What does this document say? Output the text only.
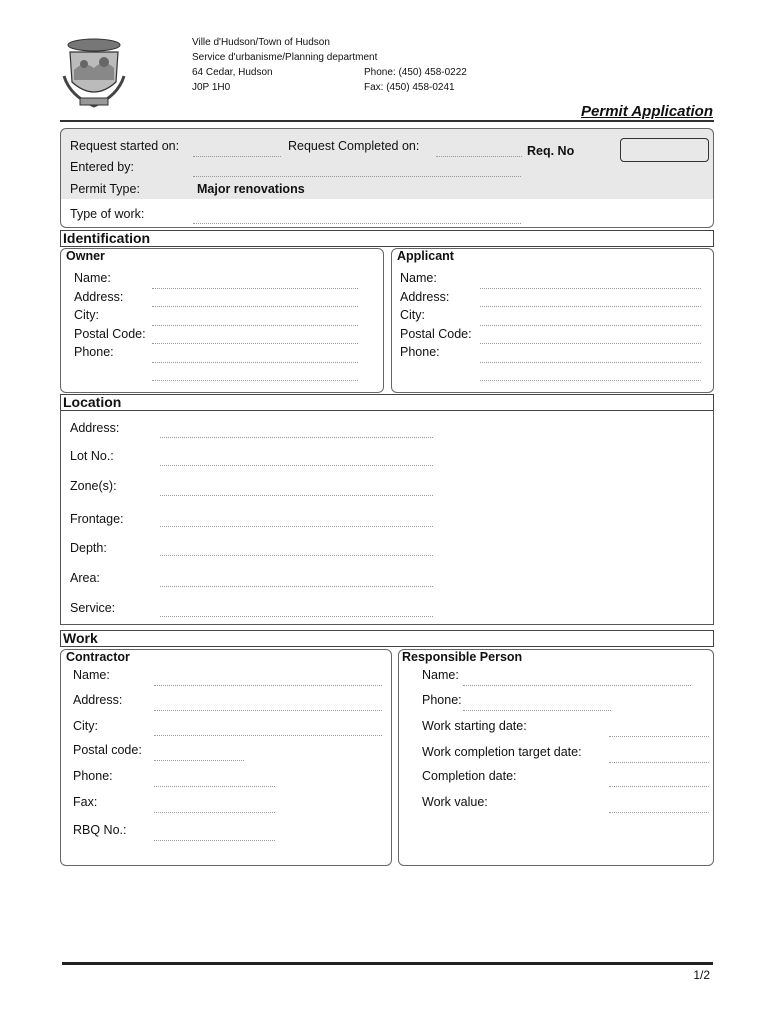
Ville d'Hudson/Town of Hudson
Service d'urbanisme/Planning department
64 Cedar, Hudson
J0P 1H0
Phone: (450) 458-0222
Fax: (450) 458-0241
Permit Application
Request started on:	Request Completed on:	Req. No
Entered by:
Permit Type:	Major renovations
Type of work:
Identification
Owner
Name:
Address:
City:
Postal Code:
Phone:
Applicant
Name:
Address:
City:
Postal Code:
Phone:
Location
Address:
Lot No.:
Zone(s):
Frontage:
Depth:
Area:
Service:
Work
Contractor
Name:
Address:
City:
Postal code:
Phone:
Fax:
RBQ No.:
Responsible Person
Name:
Phone:
Work starting date:
Work completion target date:
Completion date:
Work value:
1/2
